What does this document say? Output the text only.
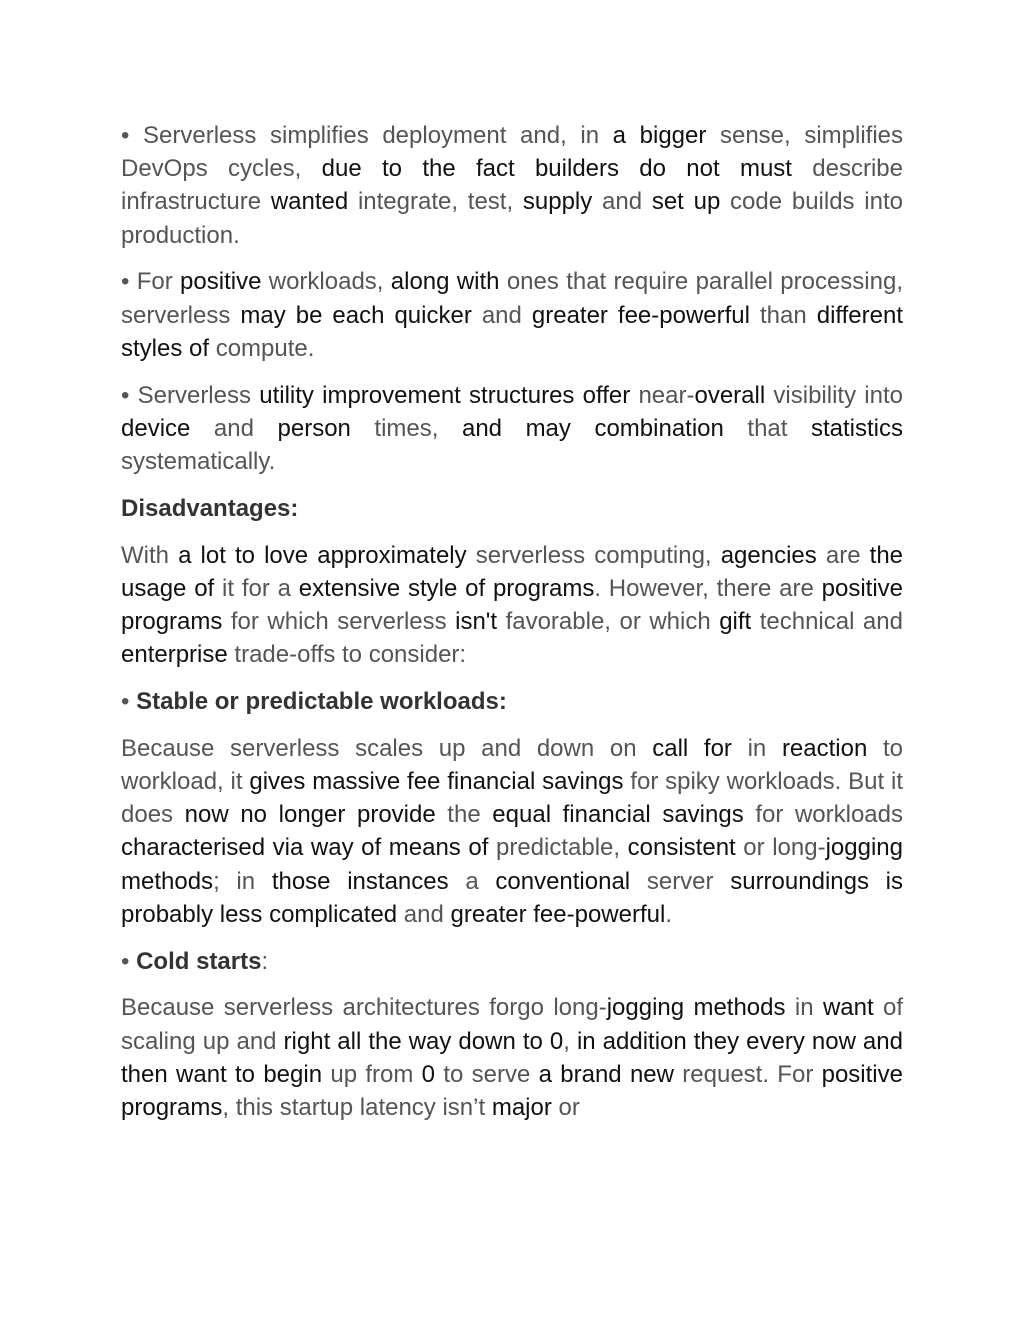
• Serverless simplifies deployment and, in a bigger sense, simplifies DevOps cycles, due to the fact builders do not must describe infrastructure wanted integrate, test, supply and set up code builds into production.

• For positive workloads, along with ones that require parallel processing, serverless may be each quicker and greater fee-powerful than different styles of compute.

• Serverless utility improvement structures offer near-overall visibility into device and person times, and may combination that statistics systematically.

Disadvantages:

With a lot to love approximately serverless computing, agencies are the usage of it for a extensive style of programs. However, there are positive programs for which serverless isn't favorable, or which gift technical and enterprise trade-offs to consider:

• Stable or predictable workloads:

Because serverless scales up and down on call for in reaction to workload, it gives massive fee financial savings for spiky workloads. But it does now no longer provide the equal financial savings for workloads characterised via way of means of predictable, consistent or long-jogging methods; in those instances a conventional server surroundings is probably less complicated and greater fee-powerful.

• Cold starts:

Because serverless architectures forgo long-jogging methods in want of scaling up and right all the way down to 0, in addition they every now and then want to begin up from 0 to serve a brand new request. For positive programs, this startup latency isn’t major or
